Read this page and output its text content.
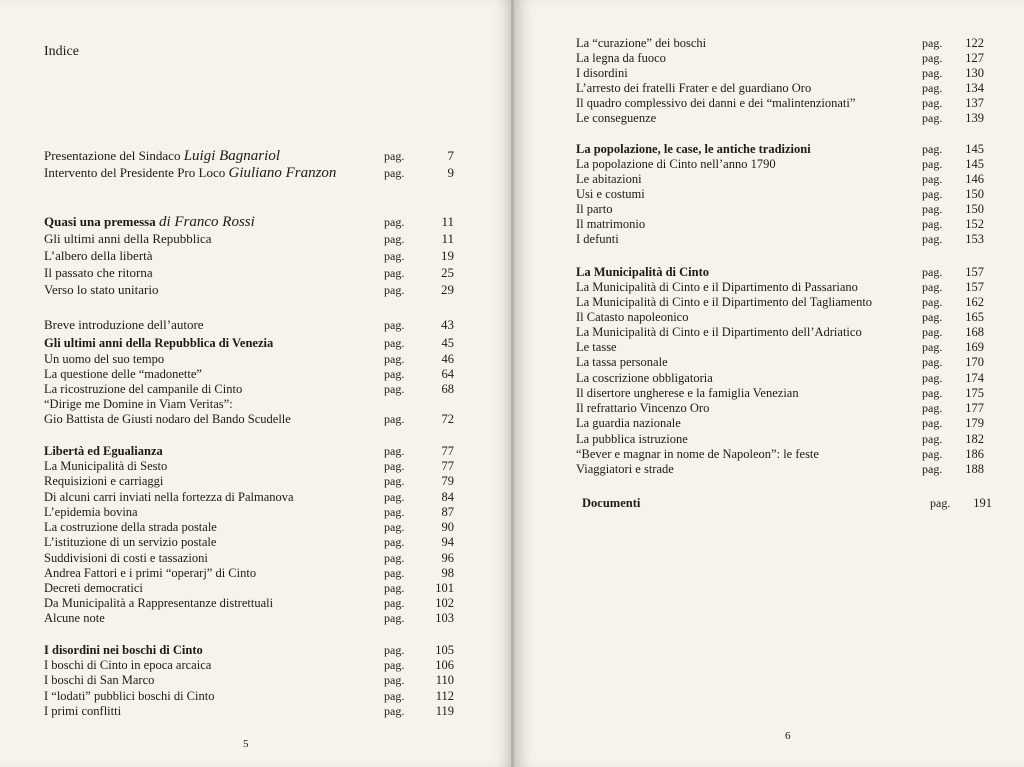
Indice
Presentazione del Sindaco Luigi Bagnariol	pag.	7
Intervento del Presidente Pro Loco Giuliano Franzon	pag.	9
Quasi una premessa di Franco Rossi	pag.	11
Gli ultimi anni della Repubblica	pag.	11
L’albero della libertà	pag.	19
Il passato che ritorna	pag.	25
Verso lo stato unitario	pag.	29
Breve introduzione dell’autore	pag.	43
Gli ultimi anni della Repubblica di Venezia	pag.	45
Un uomo del suo tempo	pag.	46
La questione delle “madonette”	pag.	64
La ricostruzione del campanile di Cinto	pag.	68
“Dirige me Domine in Viam Veritas”:
Gio Battista de Giusti nodaro del Bando Scudelle	pag.	72
Libertà ed Egualianza	pag.	77
La Municipalità di Sesto	pag.	77
Requisizioni e carriaggi	pag.	79
Di alcuni carri inviati nella fortezza di Palmanova	pag.	84
L’epidemia bovina	pag.	87
La costruzione della strada postale	pag.	90
L’istituzione di un servizio postale	pag.	94
Suddivisioni di costi e tassazioni	pag.	96
Andrea Fattori e i primi “operarj” di Cinto	pag.	98
Decreti democratici	pag.	101
Da Municipalità a Rappresentanze distrettuali	pag.	102
Alcune note	pag.	103
I disordini nei boschi di Cinto	pag.	105
I boschi di Cinto in epoca arcaica	pag.	106
I boschi di San Marco	pag.	110
I “lodati” pubblici boschi di Cinto	pag.	112
I primi conflitti	pag.	119
5
La “curazione” dei boschi	pag.	122
La legna da fuoco	pag.	127
I disordini	pag.	130
L’arresto dei fratelli Frater e del guardiano Oro	pag.	134
Il quadro complessivo dei danni e dei “malintenzionati”	pag.	137
Le conseguenze	pag.	139
La popolazione, le case, le antiche tradizioni	pag.	145
La popolazione di Cinto nell’anno 1790	pag.	145
Le abitazioni	pag.	146
Usi e costumi	pag.	150
Il parto	pag.	150
Il matrimonio	pag.	152
I defunti	pag.	153
La Municipalità di Cinto	pag.	157
La Municipalità di Cinto e il Dipartimento di Passariano	pag.	157
La Municipalità di Cinto e il Dipartimento del Tagliamento	pag.	162
Il Catasto napoleonico	pag.	165
La Municipalità di Cinto e il Dipartimento dell’Adriatico	pag.	168
Le tasse	pag.	169
La tassa personale	pag.	170
La coscrizione obbligatoria	pag.	174
Il disertore ungherese e la famiglia Venezian	pag.	175
Il refrattario Vincenzo Oro	pag.	177
La guardia nazionale	pag.	179
La pubblica istruzione	pag.	182
“Bever e magnar in nome de Napoleon”: le feste	pag.	186
Viaggiatori e strade	pag.	188
Documenti	pag.	191
6
